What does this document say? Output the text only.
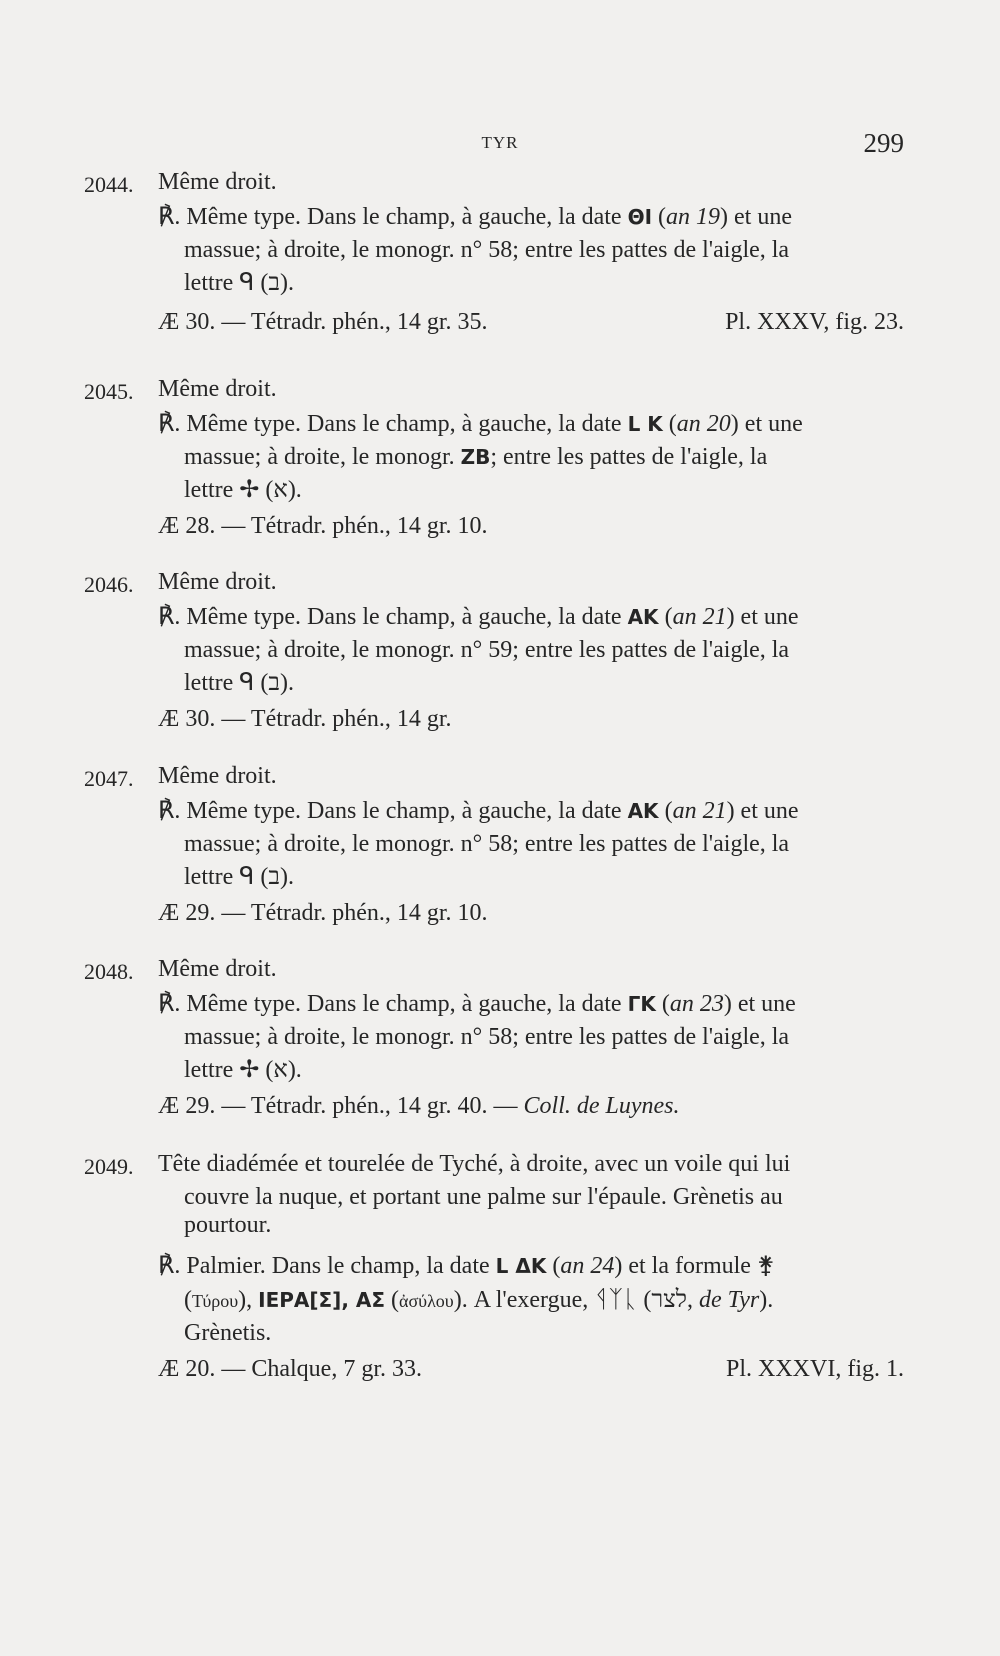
TYR	299
2044. Même droit.
℟. Même type. Dans le champ, à gauche, la date ΘΙ (an 19) et une
massue; à droite, le monogr. n° 58; entre les pattes de l'aigle, la
lettre ᑫ (ב).
Æ 30. — Tétradr. phén., 14 gr. 35.	Pl. XXXV, fig. 23.
2045. Même droit.
℟. Même type. Dans le champ, à gauche, la date L K (an 20) et une
massue; à droite, le monogr. ZB; entre les pattes de l'aigle, la
lettre ✢ (א).
Æ 28. — Tétradr. phén., 14 gr. 10.
2046. Même droit.
℟. Même type. Dans le champ, à gauche, la date AK (an 21) et une
massue; à droite, le monogr. n° 59; entre les pattes de l'aigle, la
lettre ᑫ (ב).
Æ 30. — Tétradr. phén., 14 gr.
2047. Même droit.
℟. Même type. Dans le champ, à gauche, la date AK (an 21) et une
massue; à droite, le monogr. n° 58; entre les pattes de l'aigle, la
lettre ᑫ (ב).
Æ 29. — Tétradr. phén., 14 gr. 10.
2048. Même droit.
℟. Même type. Dans le champ, à gauche, la date ΓK (an 23) et une
massue; à droite, le monogr. n° 58; entre les pattes de l'aigle, la
lettre ✢ (א).
Æ 29. — Tétradr. phén., 14 gr. 40. — Coll. de Luynes.
2049. Tête diadémée et tourelée de Tyché, à droite, avec un voile qui lui
couvre la nuque, et portant une palme sur l'épaule. Grènetis au
pourtour.
℟. Palmier. Dans le champ, la date L ΔK (an 24) et la formule ⚵
(Τύρου), ΙΕΡΑ[Σ], ΑΣ (ἀσύλου). A l'exergue, ᛩᛉᚳ (לצר, de Tyr).
Grènetis.
Æ 20. — Chalque, 7 gr. 33.	Pl. XXXVI, fig. 1.
